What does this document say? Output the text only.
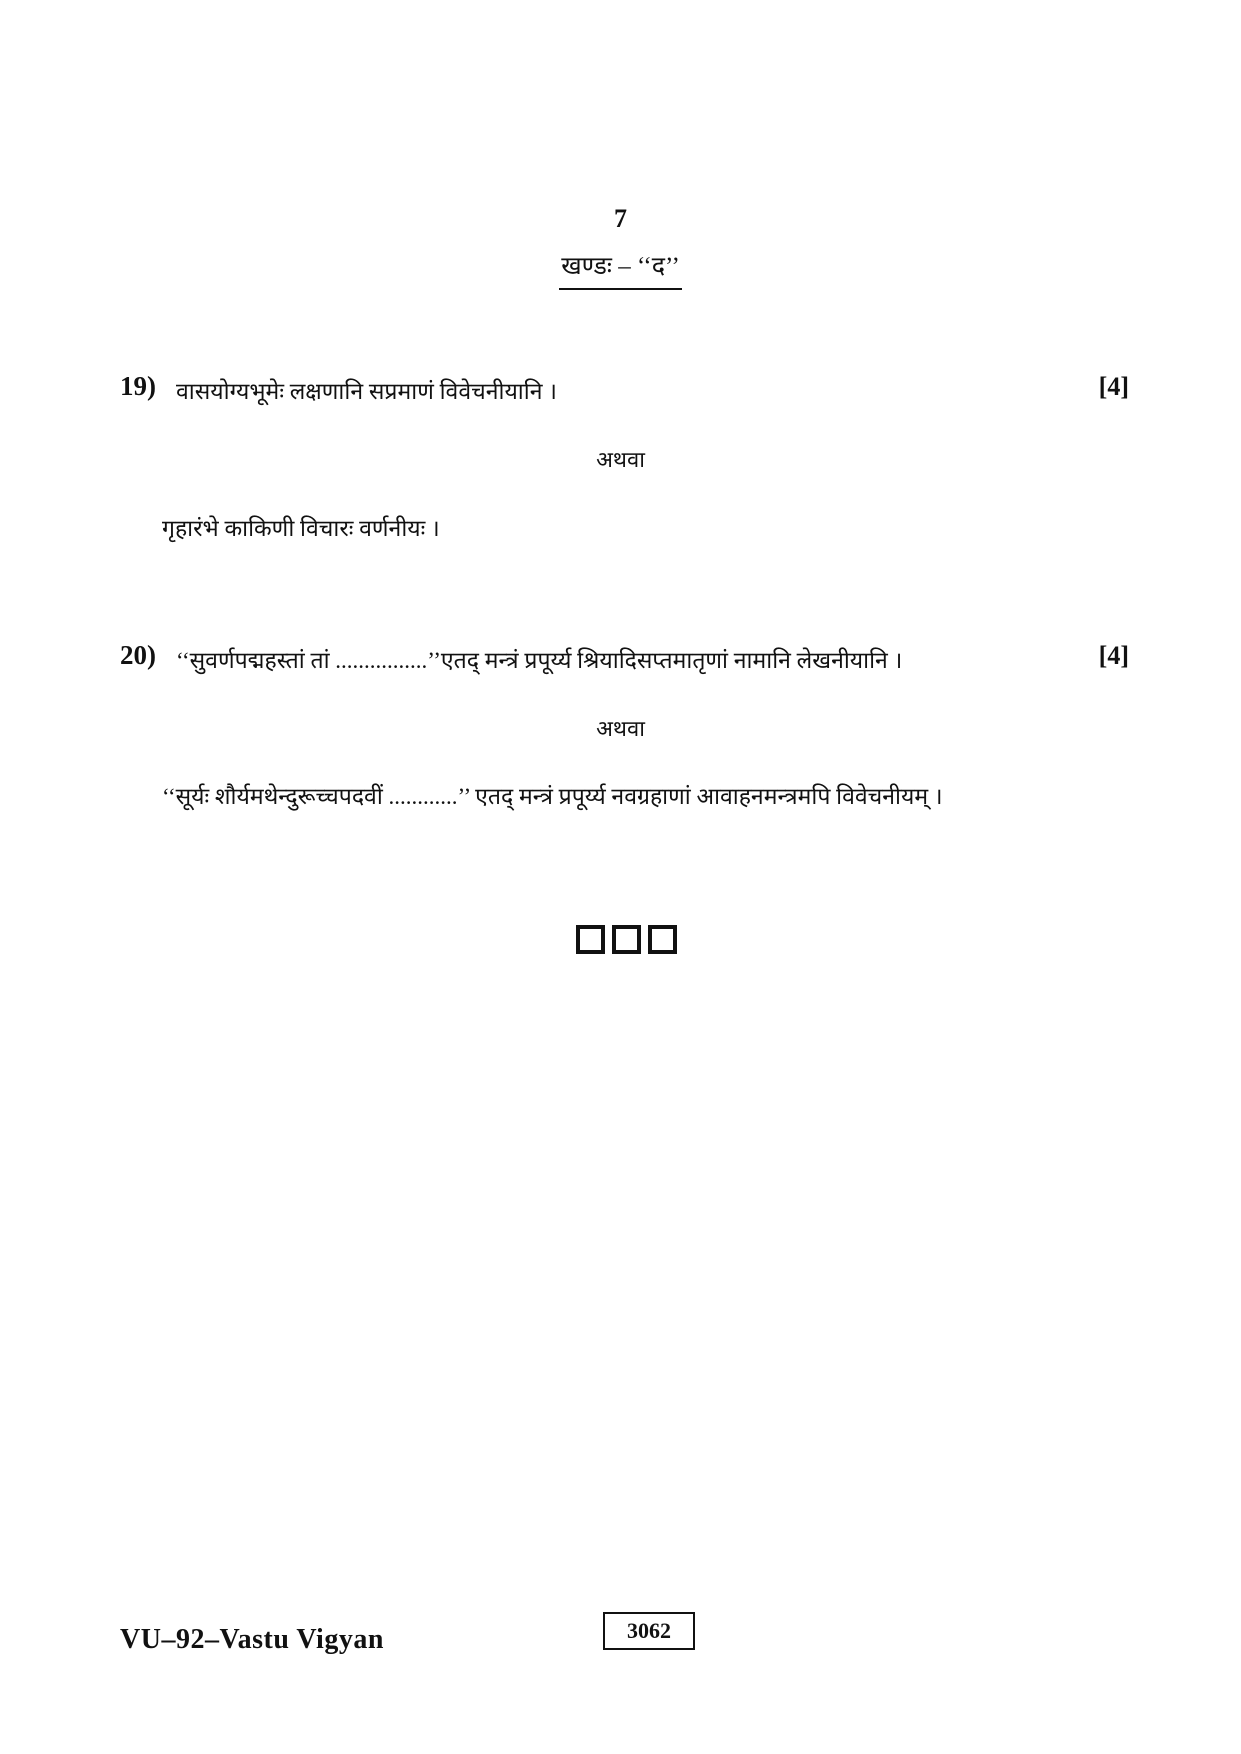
7
खण्डः – ‘‘द’’
19) वासयोग्यभूमेः लक्षणानि सप्रमाणं विवेचनीयानि ।	[4]
अथवा
गृहारंभे काकिणी विचारः वर्णनीयः ।
20) ‘‘सुवर्णपद्महस्तां तां ................’’एतद् मन्त्रं प्रपूर्य्य श्रियादिसप्तमातृणां नामानि लेखनीयानि ।	[4]
अथवा
‘‘सूर्यः शौर्यमथेन्दुरूच्चपदवीं ............’’ एतद् मन्त्रं प्रपूर्य्य नवग्रहाणां आवाहनमन्त्रमपि विवेचनीयम् ।
VU–92–Vastu Vigyan	3062
